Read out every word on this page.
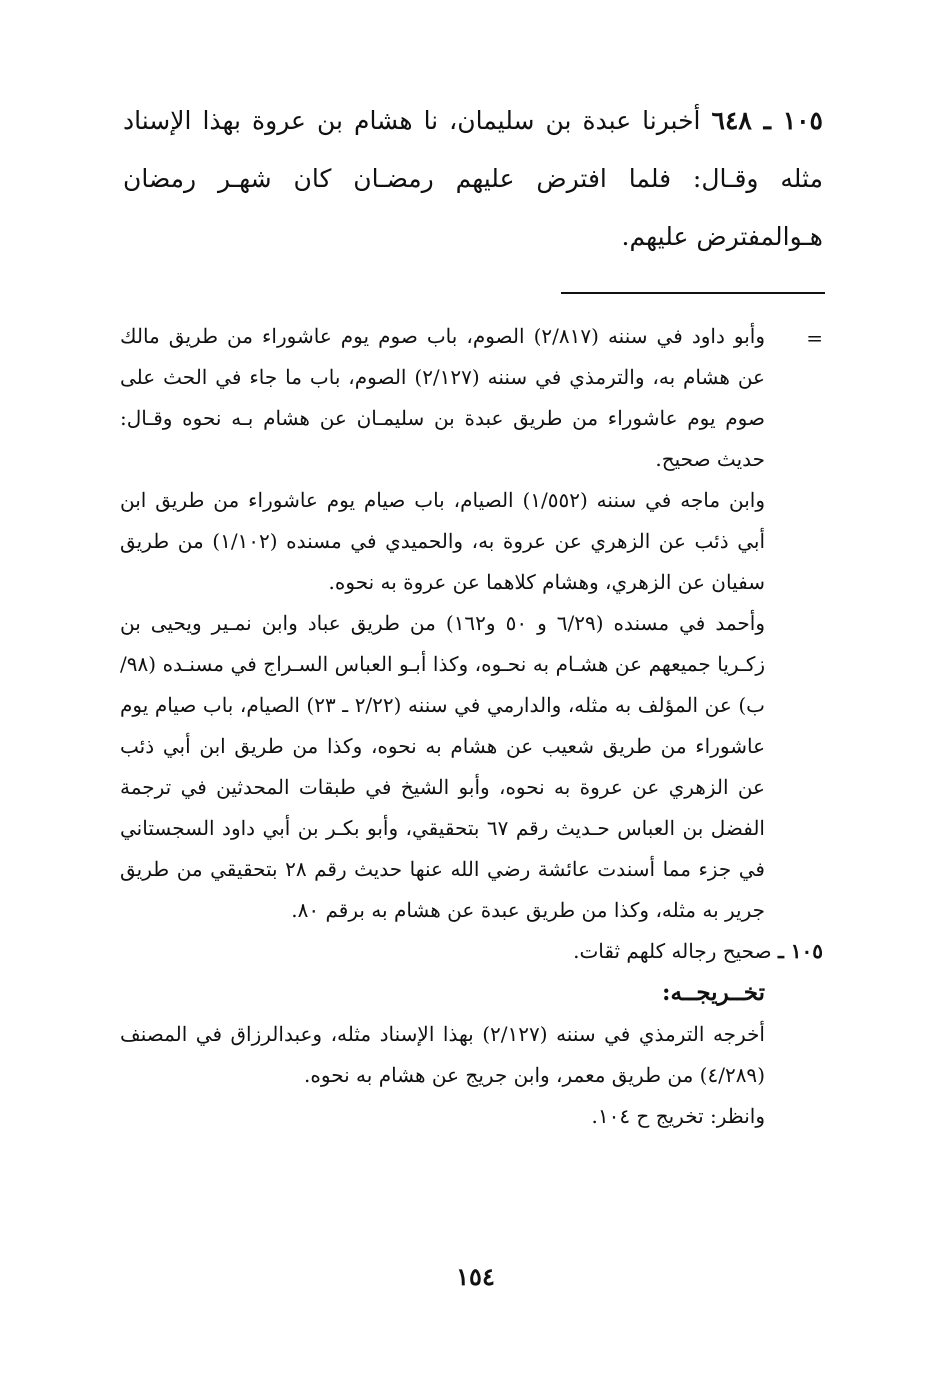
١٠٥ ـ ٦٤٨ أخبرنا عبدة بن سليمان، نا هشام بن عروة بهذا الإسناد مثله وقـال: فلما افترض عليهم رمضـان كان شهـر رمضان هـوالمفترض عليهم.
=

وأبو داود في سننه (٢/٨١٧) الصوم، باب صوم يوم عاشوراء من طريق مالك عن هشام به، والترمذي في سننه (٢/١٢٧) الصوم، باب ما جاء في الحث على صوم يوم عاشوراء من طريق عبدة بن سليمـان عن هشام بـه نحوه وقـال: حديث صحيح.

وابن ماجه في سننه (١/٥٥٢) الصيام، باب صيام يوم عاشوراء من طريق ابن أبي ذئب عن الزهري عن عروة به، والحميدي في مسنده (١/١٠٢) من طريق سفيان عن الزهري، وهشام كلاهما عن عروة به نحوه.

وأحمد في مسنده (٦/٢٩ و ٥٠ و١٦٢) من طريق عباد وابن نمـير ويحيى بن زكـريا جميعهم عن هشـام به نحـوه، وكذا أبـو العباس السـراج في مسنـده (٩٨/ب) عن المؤلف به مثله، والدارمي في سننه (٢/٢٢ ـ ٢٣) الصيام، باب صيام يوم عاشوراء من طريق شعيب عن هشام به نحوه، وكذا من طريق ابن أبي ذئب عن الزهري عن عروة به نحوه، وأبو الشيخ في طبقات المحدثين في ترجمة الفضل بن العباس حـديث رقم ٦٧ بتحقيقي، وأبو بكـر بن أبي داود السجستاني في جزء مما أسندت عائشة رضي الله عنها حديث رقم ٢٨ بتحقيقي من طريق جرير به مثله، وكذا من طريق عبدة عن هشام به برقم ٨٠.

١٠٥ ـ صحيح رجاله كلهم ثقات.

تخــريجــه:

أخرجه الترمذي في سننه (٢/١٢٧) بهذا الإسناد مثله، وعبدالرزاق في المصنف (٤/٢٨٩) من طريق معمر، وابن جريج عن هشام به نحوه.

وانظر: تخريج ح ١٠٤.

١٥٤
